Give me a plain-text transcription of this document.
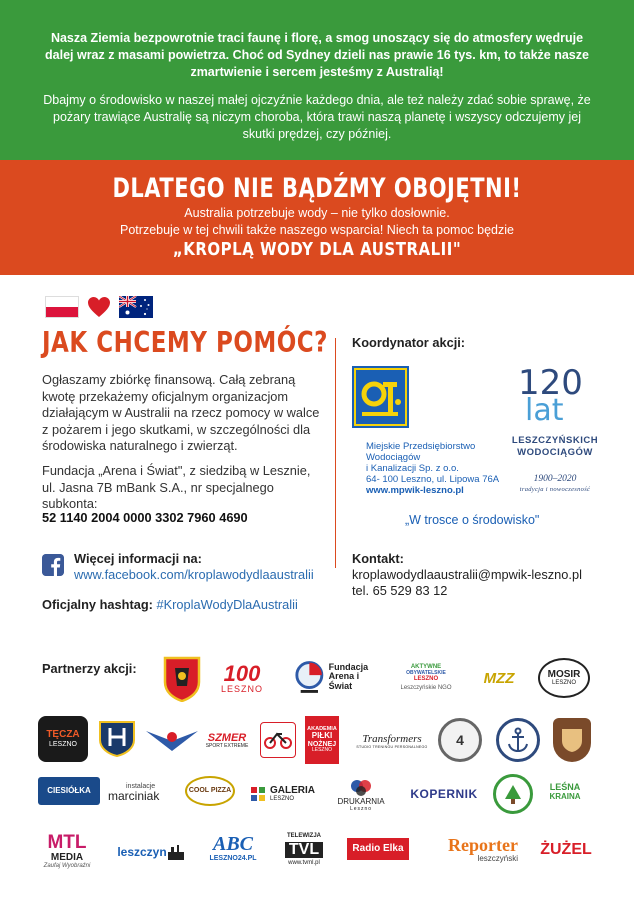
Nasza Ziemia bezpowrotnie traci faunę i florę, a smog unoszący się do atmosfery wędruje dalej wraz z masami powietrza. Choć od Sydney dzieli nas prawie 16 tys. km, to także nasze zmartwienie i sercem jesteśmy z Australią!

Dbajmy o środowisko w naszej małej ojczyźnie każdego dnia, ale też należy zdać sobie sprawę, że pożary trawiące Australię są niczym choroba, która trawi naszą planetę i wszyscy odczujemy jej skutki prędzej, czy później.

DLATEGO NIE BĄDŹMY OBOJĘTNI!
Australia potrzebuje wody – nie tylko dosłownie.
Potrzebuje w tej chwili także naszego wsparcia! Niech ta pomoc będzie
„KROPLĄ WODY DLA AUSTRALII"
JAK CHCEMY POMÓC?

Ogłaszamy zbiórkę finansową. Całą zebraną kwotę przekażemy oficjalnym organizacjom działającym w Australii na rzecz pomocy w walce z pożarem i jego skutkami, w szczególności dla środowiska naturalnego i zwierząt.

Fundacja „Arena i Świat", z siedzibą w Lesznie, ul. Jasna 7B mBank S.A., nr specjalnego subkonta:

52 1140 2004 0000 3302 7960 4690
Więcej informacji na:
www.facebook.com/kroplawodydlaaustralii
Oficjalny hashtag: #KroplaWodyDlaAustralii
Koordynator akcji:
Miejskie Przedsiębiorstwo
Wodociągów
i Kanalizacji Sp. z o.o.
64- 100 Leszno, ul. Lipowa 76A
www.mpwik-leszno.pl
120
lat
LESZCZYŃSKICH
WODOCIĄGÓW
1900–2020
tradycja i nowoczesność
„W trosce o środowisko"
Kontakt:
kroplawodydlaaustralii@mpwik-leszno.pl
tel. 65 529 83 12
Partnerzy akcji:	100
LESZNO
Fundacja
Arena i Świat
AKTYWNE
OBYWATELSKIE
LESZNO
Leszczyńskie NGO
MZZ	MOSIR
LESZNO
TĘCZA
LESZNO
SZMER
SPORT EXTREME
AKADEMIA
PIŁKI
NOŻNEJ
LESZNO
Transformers
STUDIO TRENINGU PERSONALNEGO 4
CIESIÓŁKA	instalacje
marciniak	COOL PIZZA	GALERIA
LESZNO	DRUKARNIA
Leszno
KOPERNIK	LEŚNA
KRAINA
MTL
MEDIA
Zaufaj Wyobraźni
leszczyn ABC
LESZNO24.PL
TELEWIZJA
TVL
www.tvml.pl
Radio Elka Reporter
leszczyński
ŻUŻEL
